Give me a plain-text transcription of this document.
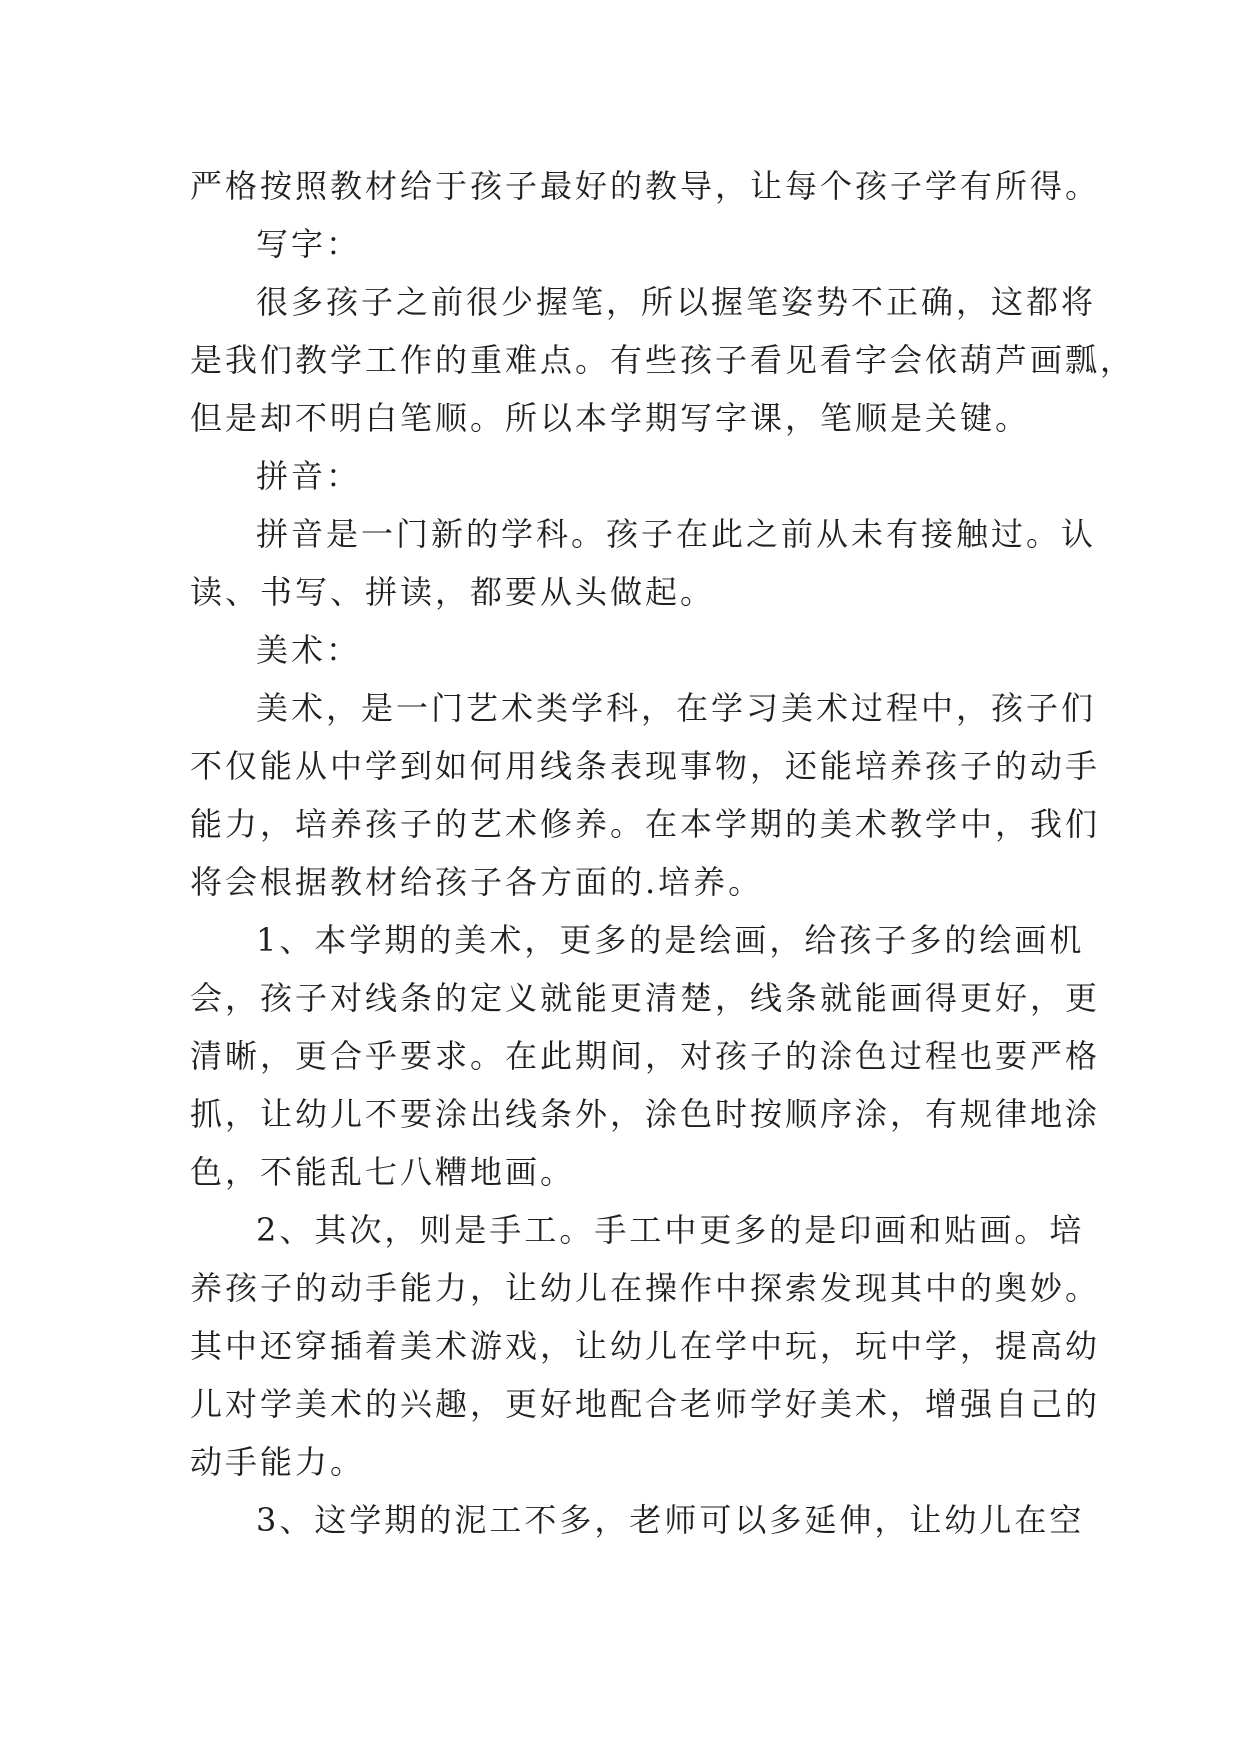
严格按照教材给于孩子最好的教导，让每个孩子学有所得。
写字：
很多孩子之前很少握笔，所以握笔姿势不正确，这都将
是我们教学工作的重难点。有些孩子看见看字会依葫芦画瓢，
但是却不明白笔顺。所以本学期写字课，笔顺是关键。
拼音：
拼音是一门新的学科。孩子在此之前从未有接触过。认
读、书写、拼读，都要从头做起。
美术：
美术，是一门艺术类学科，在学习美术过程中，孩子们
不仅能从中学到如何用线条表现事物，还能培养孩子的动手
能力，培养孩子的艺术修养。在本学期的美术教学中，我们
将会根据教材给孩子各方面的.培养。
1、本学期的美术，更多的是绘画，给孩子多的绘画机
会，孩子对线条的定义就能更清楚，线条就能画得更好，更
清晰，更合乎要求。在此期间，对孩子的涂色过程也要严格
抓，让幼儿不要涂出线条外，涂色时按顺序涂，有规律地涂
色，不能乱七八糟地画。
2、其次，则是手工。手工中更多的是印画和贴画。培
养孩子的动手能力，让幼儿在操作中探索发现其中的奥妙。
其中还穿插着美术游戏，让幼儿在学中玩，玩中学，提高幼
儿对学美术的兴趣，更好地配合老师学好美术，增强自己的
动手能力。
3、这学期的泥工不多，老师可以多延伸，让幼儿在空
